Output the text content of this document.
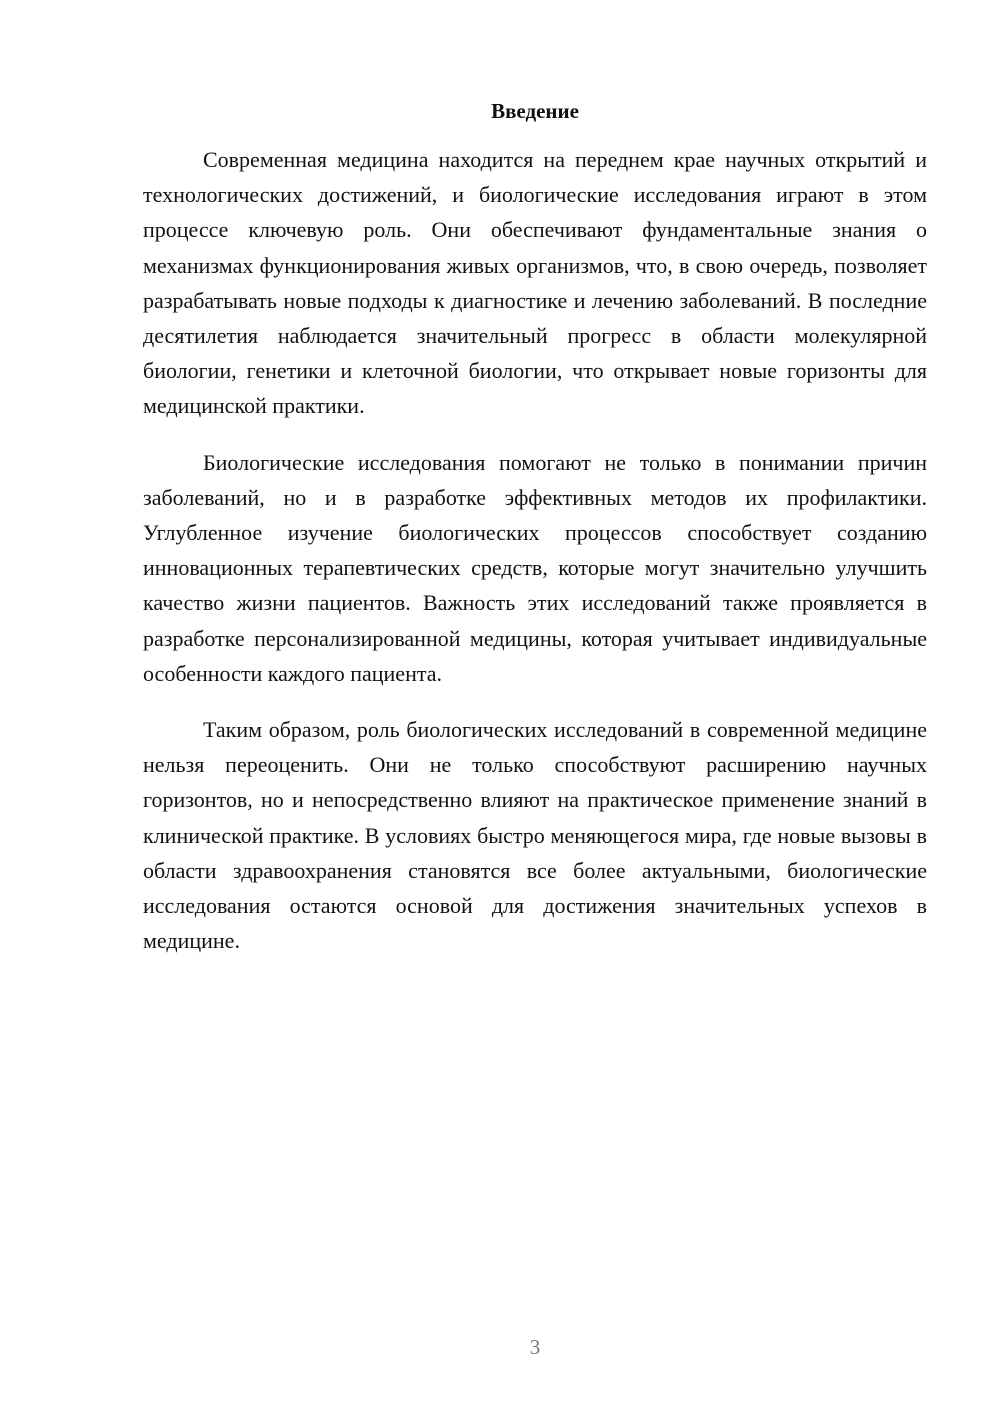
Введение

Современная медицина находится на переднем крае научных открытий и технологических достижений, и биологические исследования играют в этом процессе ключевую роль. Они обеспечивают фундаментальные знания о механизмах функционирования живых организмов, что, в свою очередь, позволяет разрабатывать новые подходы к диагностике и лечению заболеваний. В последние десятилетия наблюдается значительный прогресс в области молекулярной биологии, генетики и клеточной биологии, что открывает новые горизонты для медицинской практики.

Биологические исследования помогают не только в понимании причин заболеваний, но и в разработке эффективных методов их профилактики. Углубленное изучение биологических процессов способствует созданию инновационных терапевтических средств, которые могут значительно улучшить качество жизни пациентов. Важность этих исследований также проявляется в разработке персонализированной медицины, которая учитывает индивидуальные особенности каждого пациента.

Таким образом, роль биологических исследований в современной медицине нельзя переоценить. Они не только способствуют расширению научных горизонтов, но и непосредственно влияют на практическое применение знаний в клинической практике. В условиях быстро меняющегося мира, где новые вызовы в области здравоохранения становятся все более актуальными, биологические исследования остаются основой для достижения значительных успехов в медицине.

3
